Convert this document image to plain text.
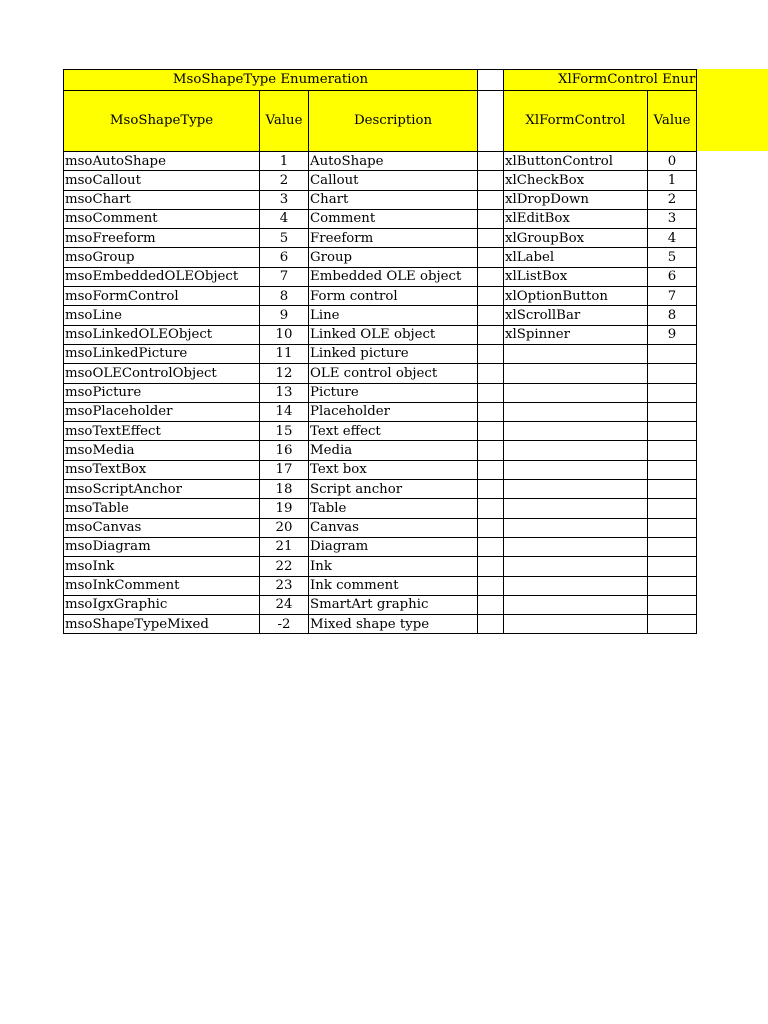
MsoShapeType Enumeration				XlFormControl Enur	
MsoShapeType	Value	Description		XlFormControl	Value
msoAutoShape	1	AutoShape		xlButtonControl	0
msoCallout	2	Callout		xlCheckBox	1
msoChart	3	Chart		xlDropDown	2
msoComment	4	Comment		xlEditBox	3
msoFreeform	5	Freeform		xlGroupBox	4
msoGroup	6	Group		xlLabel	5
msoEmbeddedOLEObject	7	Embedded OLE object		xlListBox	6
msoFormControl	8	Form control		xlOptionButton	7
msoLine	9	Line		xlScrollBar	8
msoLinkedOLEObject	10	Linked OLE object		xlSpinner	9
msoLinkedPicture	11	Linked picture			
msoOLEControlObject	12	OLE control object			
msoPicture	13	Picture			
msoPlaceholder	14	Placeholder			
msoTextEffect	15	Text effect			
msoMedia	16	Media			
msoTextBox	17	Text box			
msoScriptAnchor	18	Script anchor			
msoTable	19	Table			
msoCanvas	20	Canvas			
msoDiagram	21	Diagram			
msoInk	22	Ink			
msoInkComment	23	Ink comment			
msoIgxGraphic	24	SmartArt graphic			
msoShapeTypeMixed	-2	Mixed shape type			
